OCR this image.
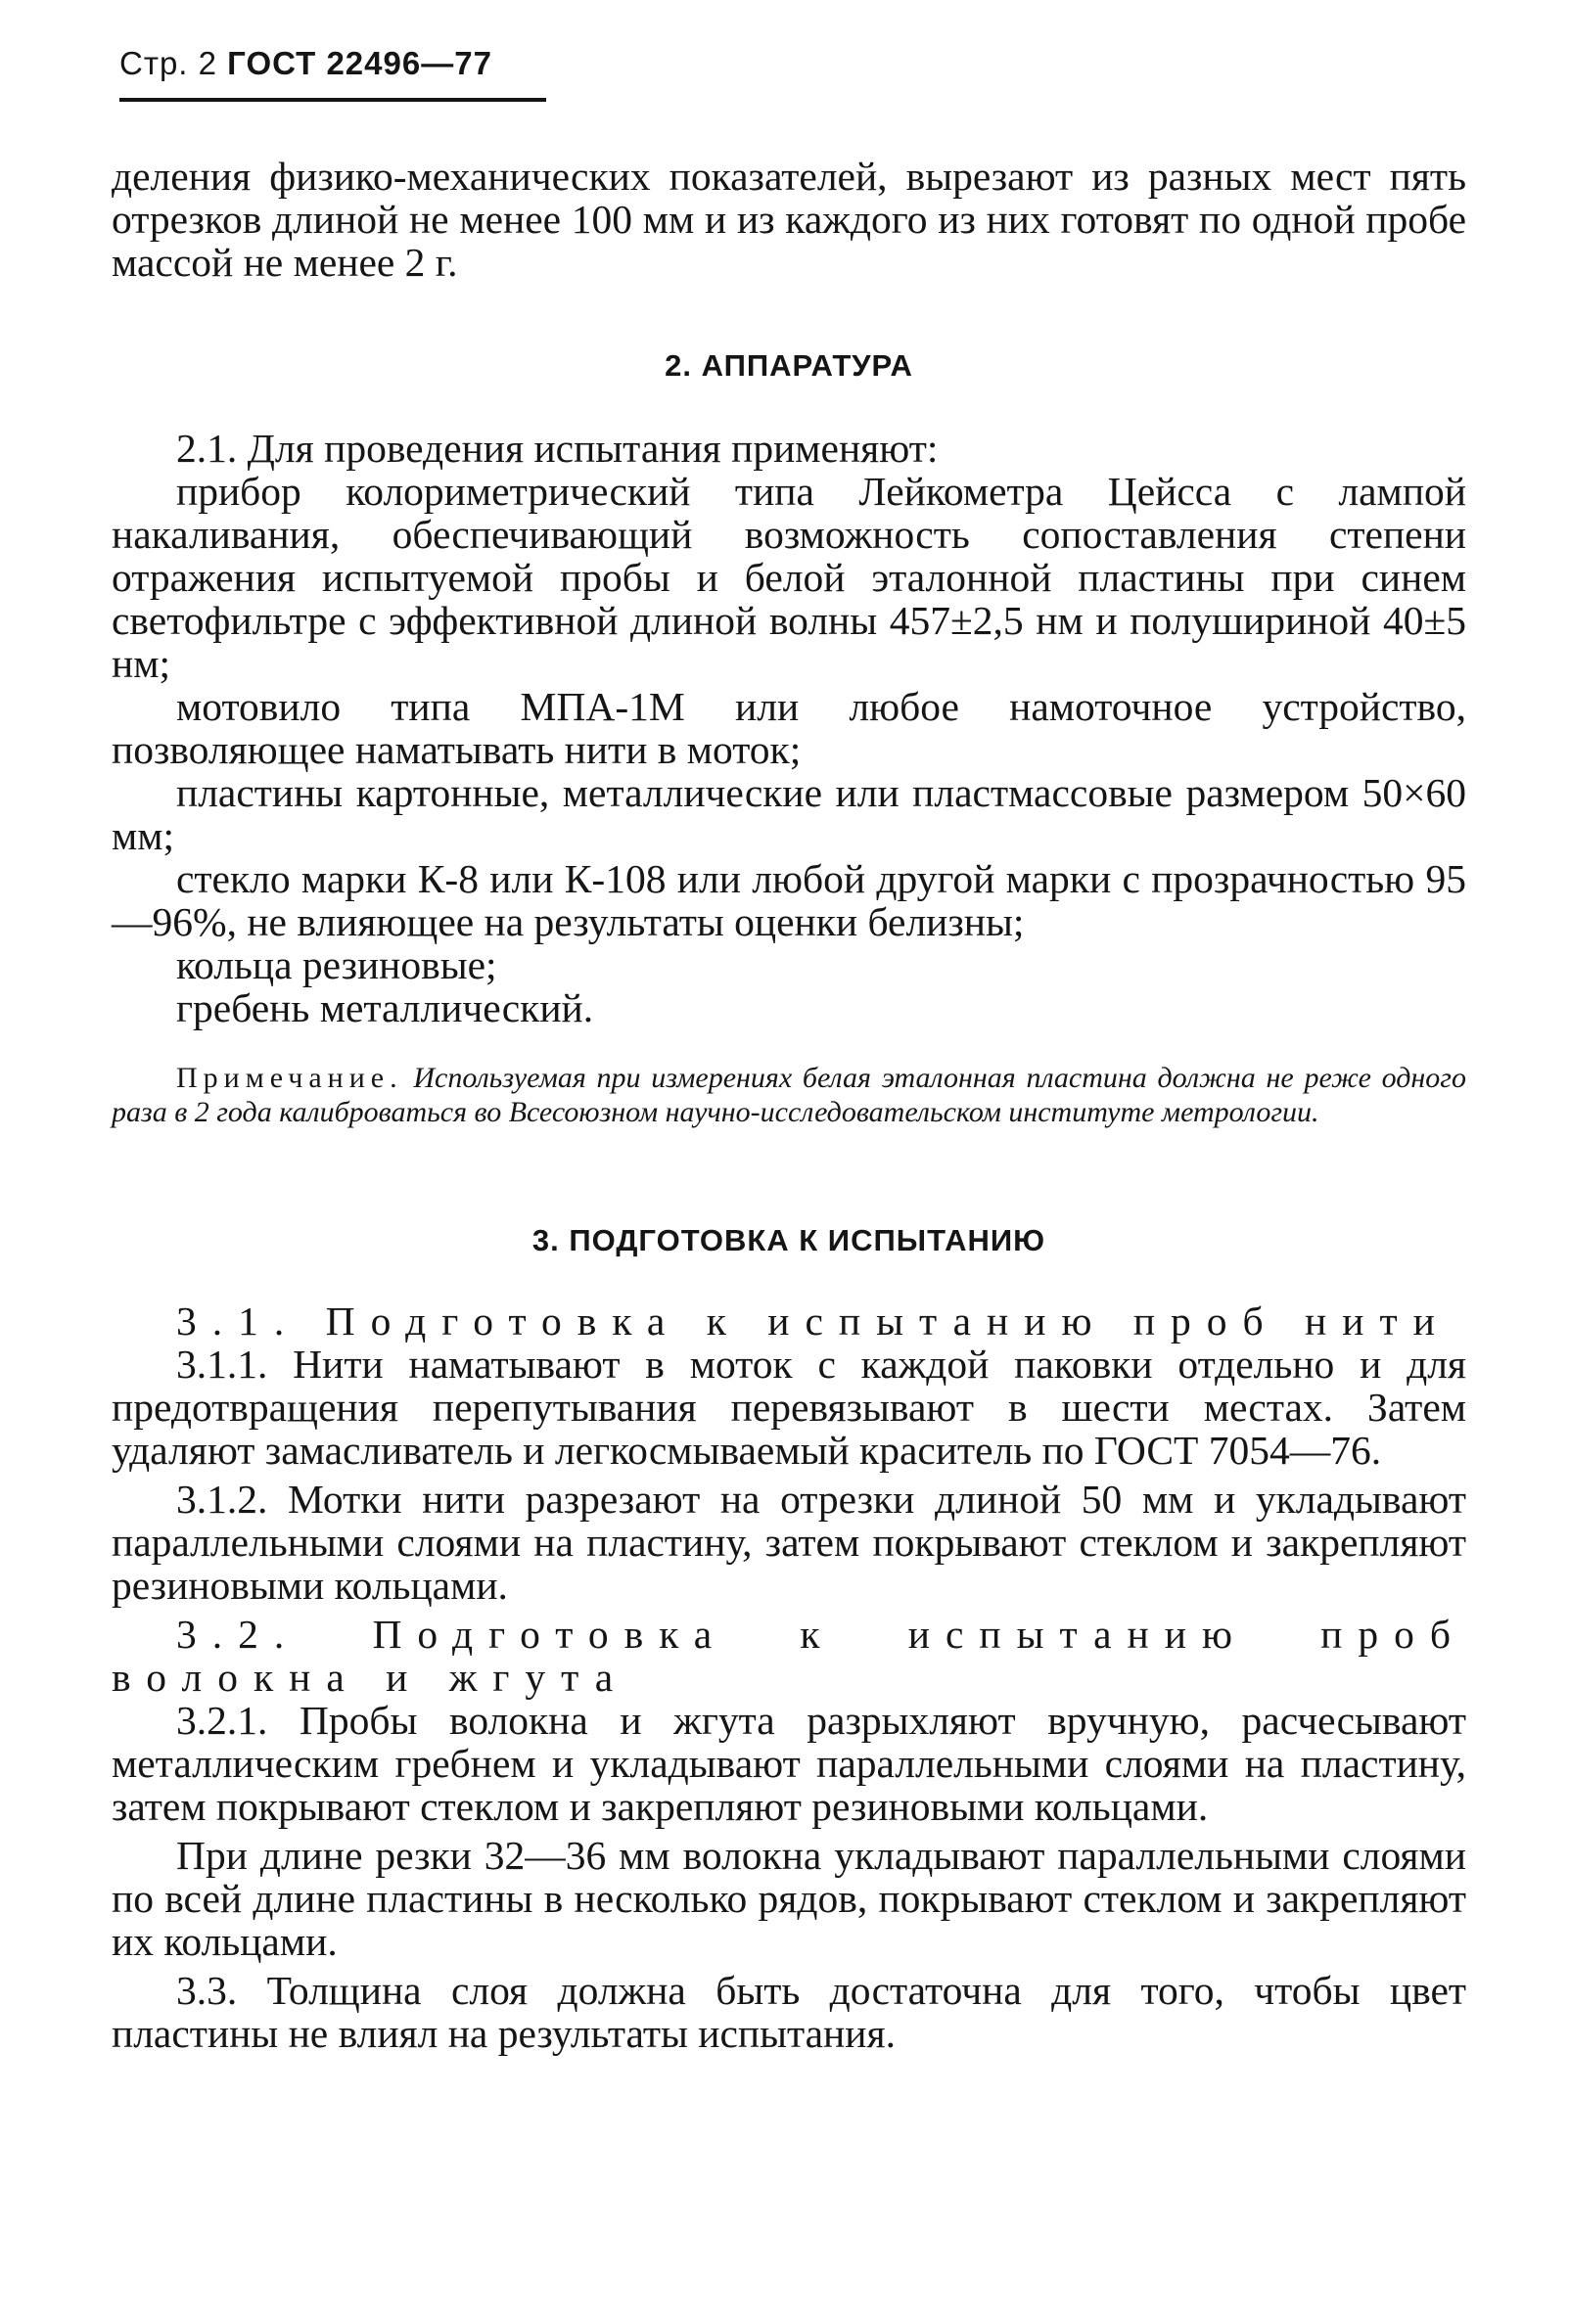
Стр. 2 ГОСТ 22496—77

деления физико-механических показателей, вырезают из разных мест пять отрезков длиной не менее 100 мм и из каждого из них готовят по одной пробе массой не менее 2 г.

2. АППАРАТУРА

2.1. Для проведения испытания применяют:

прибор колориметрический типа Лейкометра Цейсса с лампой накаливания, обеспечивающий возможность сопоставления степени отражения испытуемой пробы и белой эталонной пластины при синем светофильтре с эффективной длиной волны 457±2,5 нм и полушириной 40±5 нм;

мотовило типа МПА-1М или любое намоточное устройство, позволяющее наматывать нити в моток;

пластины картонные, металлические или пластмассовые размером 50×60 мм;

стекло марки К-8 или К-108 или любой другой марки с прозрачностью 95—96%, не влияющее на результаты оценки белизны;

кольца резиновые;

гребень металлический.

Примечание. Используемая при измерениях белая эталонная пластина должна не реже одного раза в 2 года калиброваться во Всесоюзном научно-исследовательском институте метрологии.

3. ПОДГОТОВКА К ИСПЫТАНИЮ

3.1. Подготовка к испытанию проб нити

3.1.1. Нити наматывают в моток с каждой паковки отдельно и для предотвращения перепутывания перевязывают в шести местах. Затем удаляют замасливатель и легкосмываемый краситель по ГОСТ 7054—76.

3.1.2. Мотки нити разрезают на отрезки длиной 50 мм и укладывают параллельными слоями на пластину, затем покрывают стеклом и закрепляют резиновыми кольцами.

3.2. Подготовка к испытанию проб волокна и жгута

3.2.1. Пробы волокна и жгута разрыхляют вручную, расчесывают металлическим гребнем и укладывают параллельными слоями на пластину, затем покрывают стеклом и закрепляют резиновыми кольцами.

При длине резки 32—36 мм волокна укладывают параллельными слоями по всей длине пластины в несколько рядов, покрывают стеклом и закрепляют их кольцами.

3.3. Толщина слоя должна быть достаточна для того, чтобы цвет пластины не влиял на результаты испытания.
